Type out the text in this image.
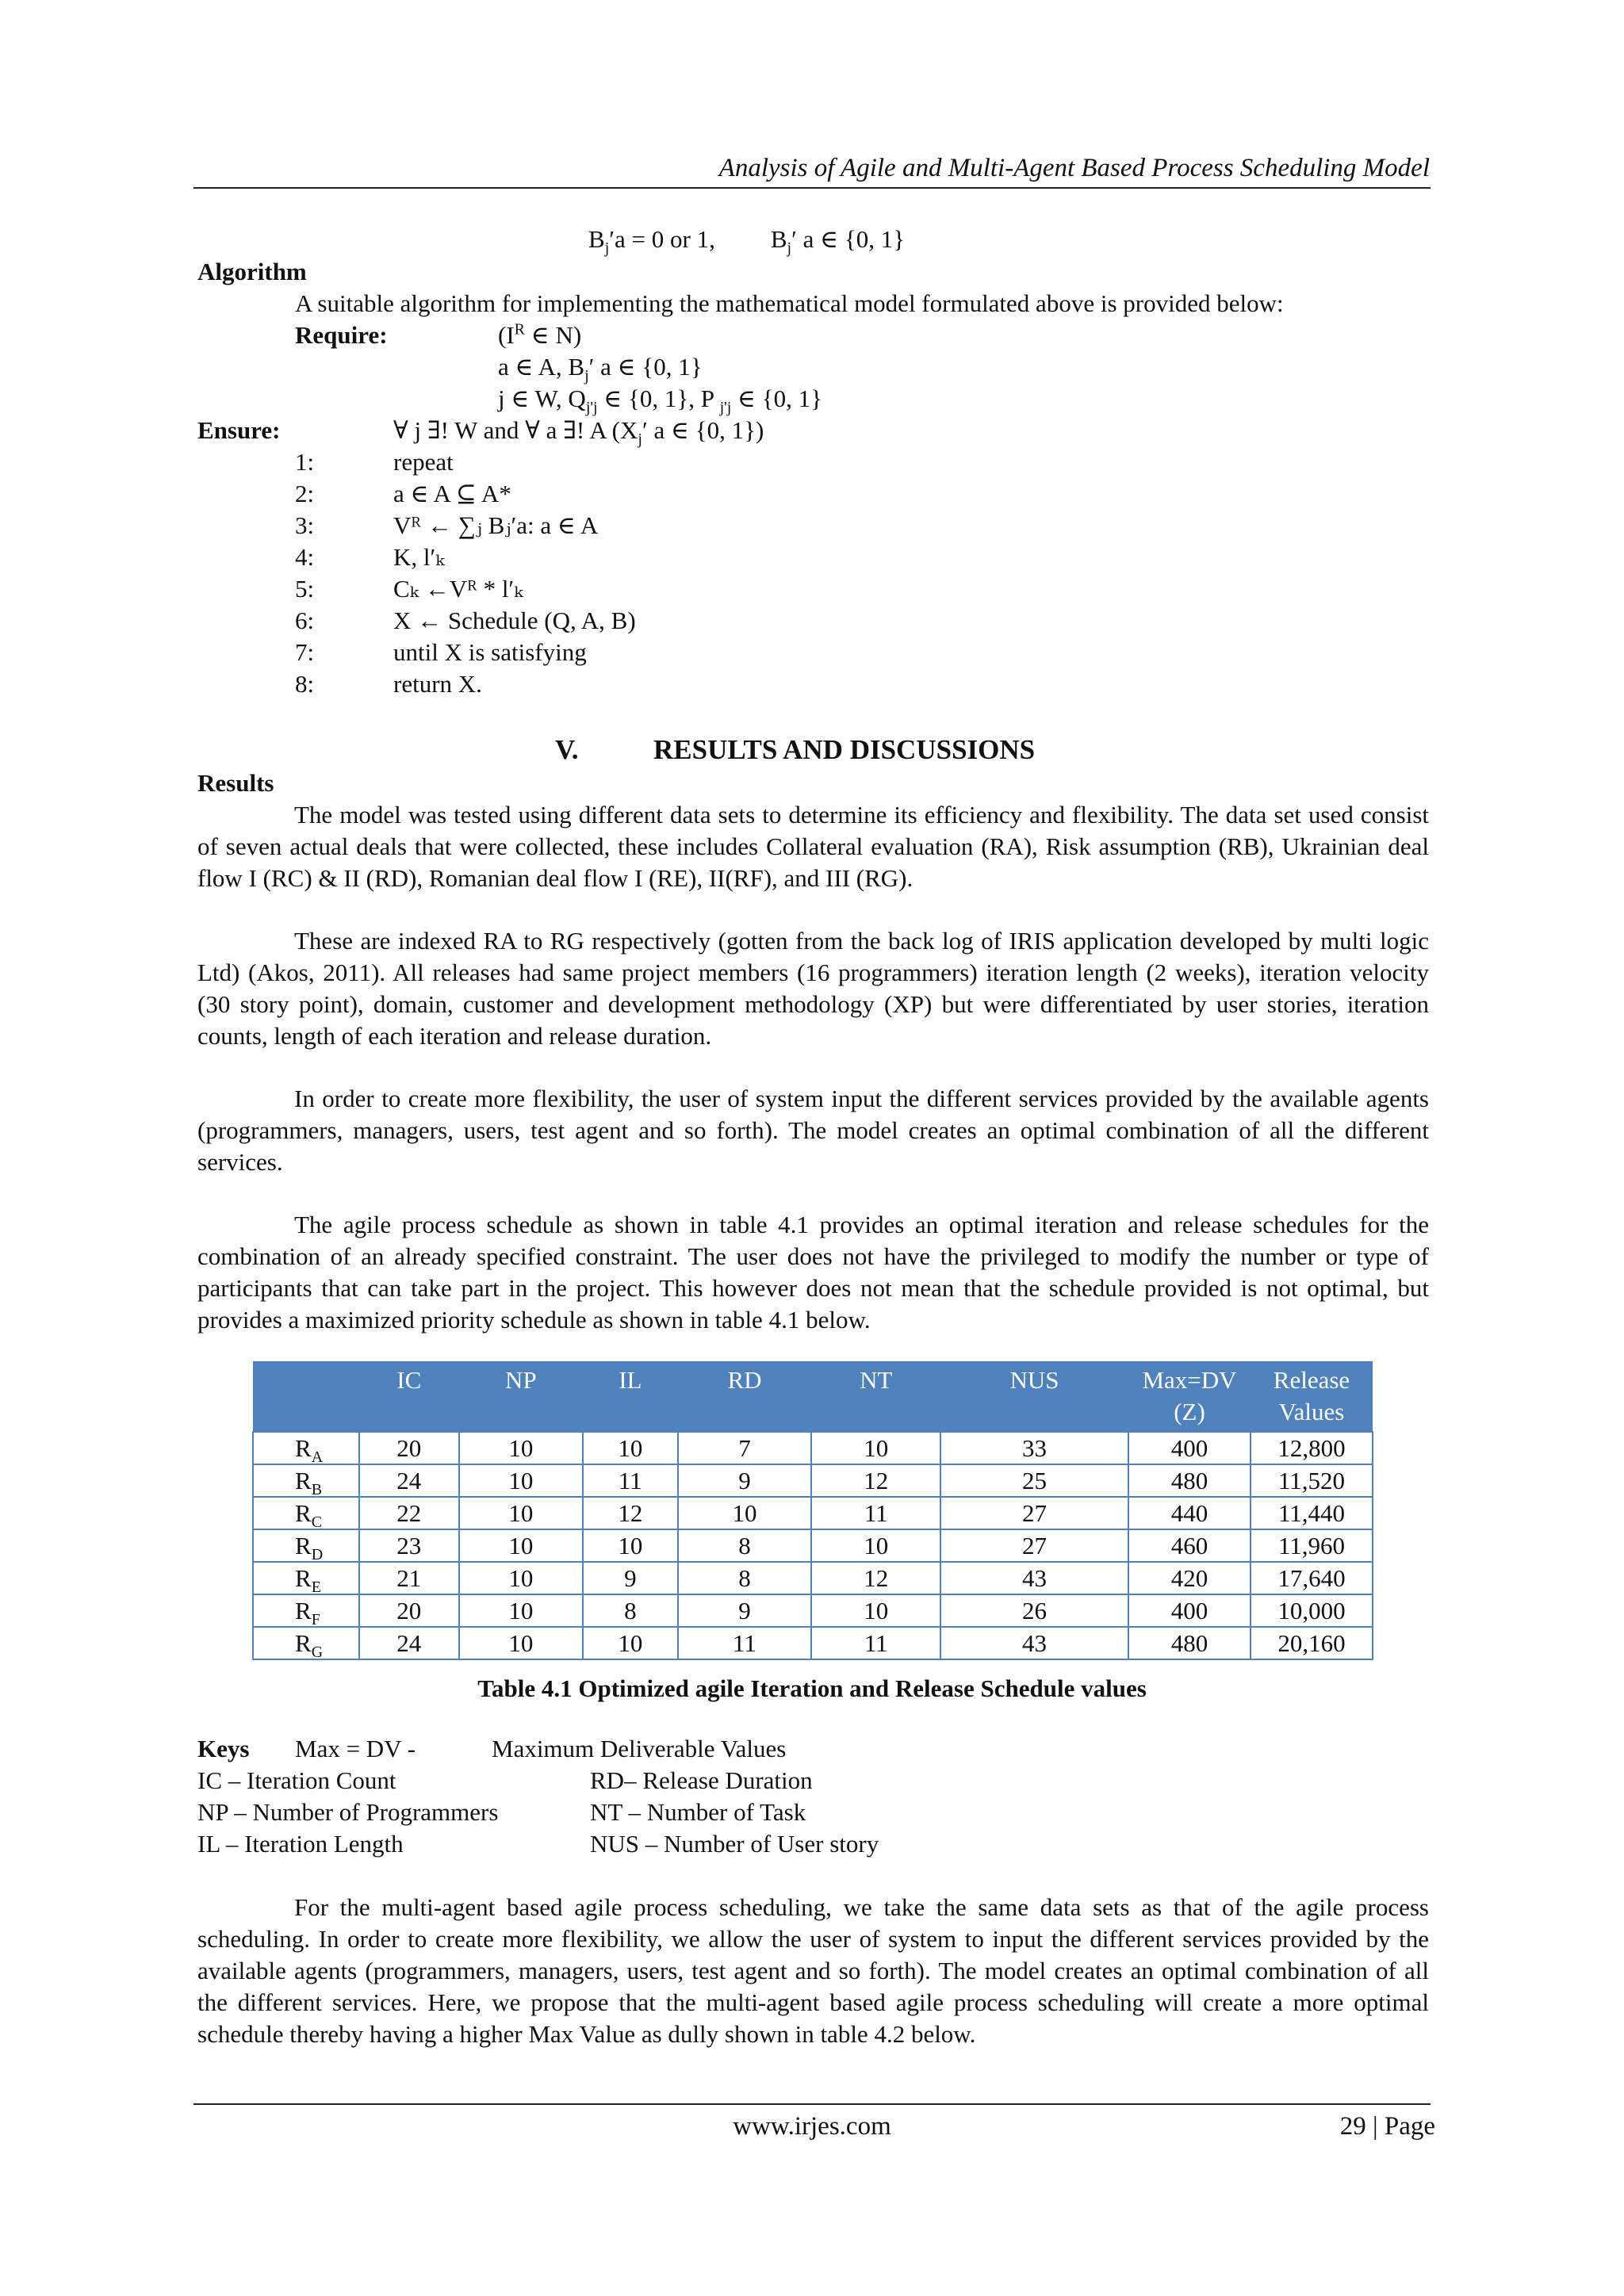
Analysis of Agile and Multi-Agent Based Process Scheduling Model
$B_j'a = 0$ or 1, $B_j'$ a ∈ {0, 1}
Algorithm
A suitable algorithm for implementing the mathematical model formulated above is provided below:
Require:	($I^R$ ∈ N)
a ∈ A, $B_j'$ a ∈ {0, 1}
j ∈ W, $Q_{j'j}$ ∈ {0, 1}, P $_{j'j}$ ∈ {0, 1}
Ensure:	∀ j ∃! W and ∀ a ∃! A ($X_j'$ a ∈ {0, 1})
1:	repeat
2:	a ∈ A ⊆ A*
3:	Vᴿ ← ∑ⱼ Bⱼ′a: a ∈ A
4:	K, l′ₖ
5:	Cₖ ←Vᴿ * l′ₖ
6:	X ← Schedule (Q, A, B)
7:	until X is satisfying
8:	return X.
V.	RESULTS AND DISCUSSIONS
Results
The model was tested using different data sets to determine its efficiency and flexibility. The data set used consist of seven actual deals that were collected, these includes Collateral evaluation (RA), Risk assumption (RB), Ukrainian deal flow I (RC) & II (RD), Romanian deal flow I (RE), II(RF), and III (RG).
These are indexed RA to RG respectively (gotten from the back log of IRIS application developed by multi logic Ltd) (Akos, 2011). All releases had same project members (16 programmers) iteration length (2 weeks), iteration velocity (30 story point), domain, customer and development methodology (XP) but were differentiated by user stories, iteration counts, length of each iteration and release duration.
In order to create more flexibility, the user of system input the different services provided by the available agents (programmers, managers, users, test agent and so forth). The model creates an optimal combination of all the different services.
The agile process schedule as shown in table 4.1 provides an optimal iteration and release schedules for the combination of an already specified constraint. The user does not have the privileged to modify the number or type of participants that can take part in the project. This however does not mean that the schedule provided is not optimal, but provides a maximized priority schedule as shown in table 4.1 below.
	IC	NP	IL	RD	NT	NUS	Max=DV (Z)	Release Values
$R_A$	20	10	10	7	10	33	400	12,800
$R_B$	24	10	11	9	12	25	480	11,520
$R_C$	22	10	12	10	11	27	440	11,440
$R_D$	23	10	10	8	10	27	460	11,960
$R_E$	21	10	9	8	12	43	420	17,640
$R_F$	20	10	8	9	10	26	400	10,000
$R_G$	24	10	10	11	11	43	480	20,160
Table 4.1 Optimized agile Iteration and Release Schedule values
Keys Max = DV -	Maximum Deliverable Values
IC – Iteration Count	RD– Release Duration
NP – Number of Programmers	NT – Number of Task
IL – Iteration Length	NUS – Number of User story
For the multi-agent based agile process scheduling, we take the same data sets as that of the agile process scheduling. In order to create more flexibility, we allow the user of system to input the different services provided by the available agents (programmers, managers, users, test agent and so forth). The model creates an optimal combination of all the different services. Here, we propose that the multi-agent based agile process scheduling will create a more optimal schedule thereby having a higher Max Value as dully shown in table 4.2 below.
www.irjes.com	29 | Page
